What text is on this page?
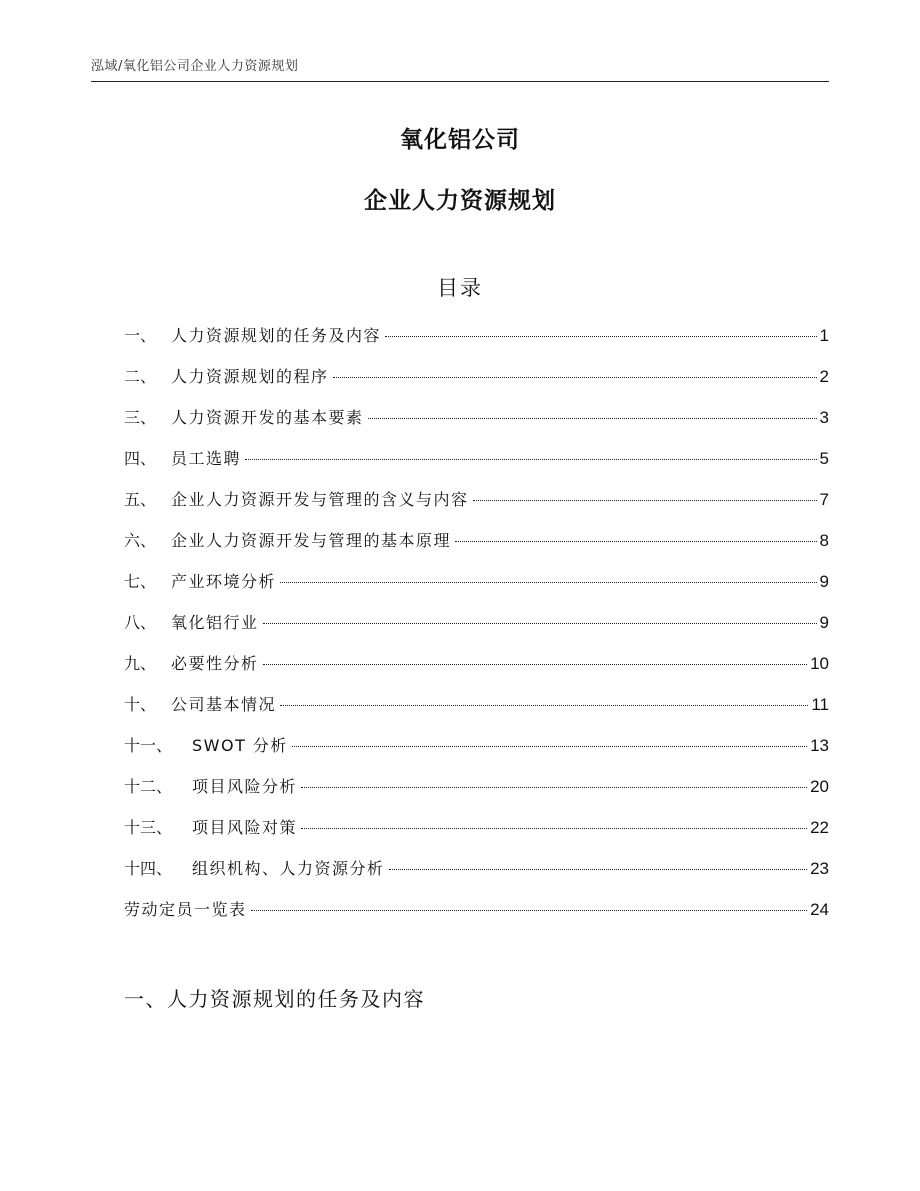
泓域/氧化铝公司企业人力资源规划
氧化铝公司
企业人力资源规划
目录
一、 人力资源规划的任务及内容	1
二、 人力资源规划的程序	2
三、 人力资源开发的基本要素	3
四、 员工选聘	5
五、 企业人力资源开发与管理的含义与内容	7
六、 企业人力资源开发与管理的基本原理	8
七、 产业环境分析	9
八、 氧化铝行业	9
九、 必要性分析	10
十、 公司基本情况	11
十一、	SWOT 分析	13
十二、	项目风险分析	20
十三、	项目风险对策	22
十四、	组织机构、人力资源分析	23
劳动定员一览表	24
一、人力资源规划的任务及内容
